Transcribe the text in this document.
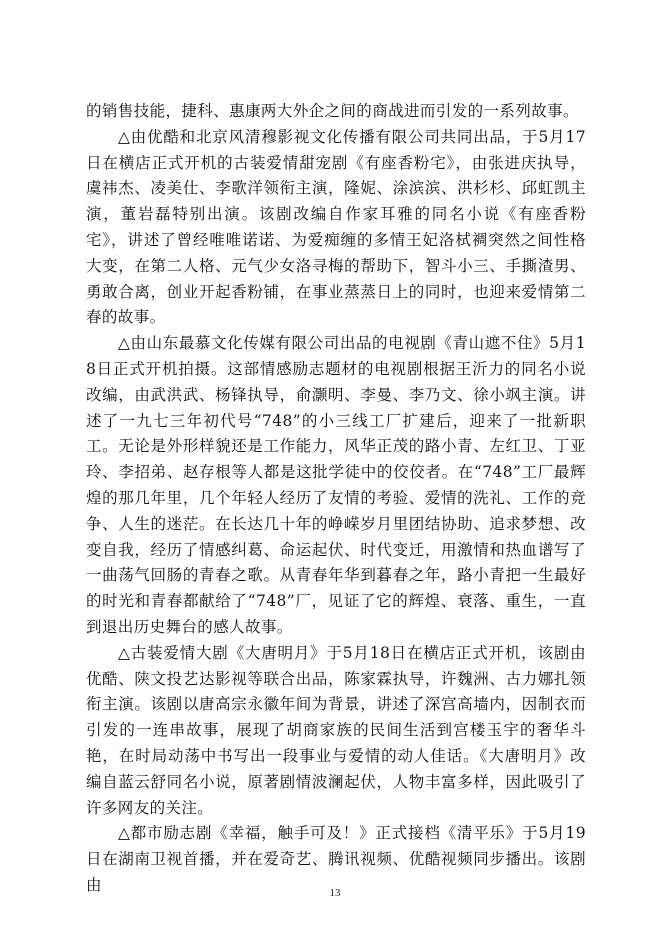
的销售技能，捷科、惠康两大外企之间的商战进而引发的一系列故事。

△由优酷和北京风清穆影视文化传播有限公司共同出品，于5月17日在横店正式开机的古装爱情甜宠剧《有座香粉宅》，由张进庆执导，虞祎杰、凌美仕、李歌洋领衔主演，隆妮、涂滨滨、洪杉杉、邱虹凯主演，董岩磊特别出演。该剧改编自作家耳雅的同名小说《有座香粉宅》，讲述了曾经唯唯诺诺、为爱痴缠的多情王妃洛栻裯突然之间性格大变，在第二人格、元气少女洛寻梅的帮助下，智斗小三、手撕渣男、勇敢合离，创业开起香粉铺，在事业蒸蒸日上的同时，也迎来爱情第二春的故事。

△由山东最慕文化传媒有限公司出品的电视剧《青山遮不住》5月18日正式开机拍摄。这部情感励志题材的电视剧根据王沂力的同名小说改编，由武洪武、杨锋执导，俞灏明、李曼、李乃文、徐小飒主演。讲述了一九七三年初代号“748”的小三线工厂扩建后，迎来了一批新职工。无论是外形样貌还是工作能力，风华正茂的路小青、左红卫、丁亚玲、李招弟、赵存根等人都是这批学徒中的佼佼者。在“748”工厂最辉煌的那几年里，几个年轻人经历了友情的考验、爱情的洗礼、工作的竞争、人生的迷茫。在长达几十年的峥嵘岁月里团结协助、追求梦想、改变自我，经历了情感纠葛、命运起伏、时代变迁，用激情和热血谱写了一曲荡气回肠的青春之歌。从青春年华到暮春之年，路小青把一生最好的时光和青春都献给了“748”厂，见证了它的辉煌、衰落、重生，一直到退出历史舞台的感人故事。

△古装爱情大剧《大唐明月》于5月18日在横店正式开机，该剧由优酷、陕文投艺达影视等联合出品，陈家霖执导，许魏洲、古力娜扎领衔主演。该剧以唐高宗永徽年间为背景，讲述了深宫高墙内，因制衣而引发的一连串故事，展现了胡商家族的民间生活到宫楼玉宇的奢华斗艳，在时局动荡中书写出一段事业与爱情的动人佳话。《大唐明月》改编自蓝云舒同名小说，原著剧情波澜起伏，人物丰富多样，因此吸引了许多网友的关注。

△都市励志剧《幸福，触手可及！》正式接档《清平乐》于5月19日在湖南卫视首播，并在爱奇艺、腾讯视频、优酷视频同步播出。该剧由	13
